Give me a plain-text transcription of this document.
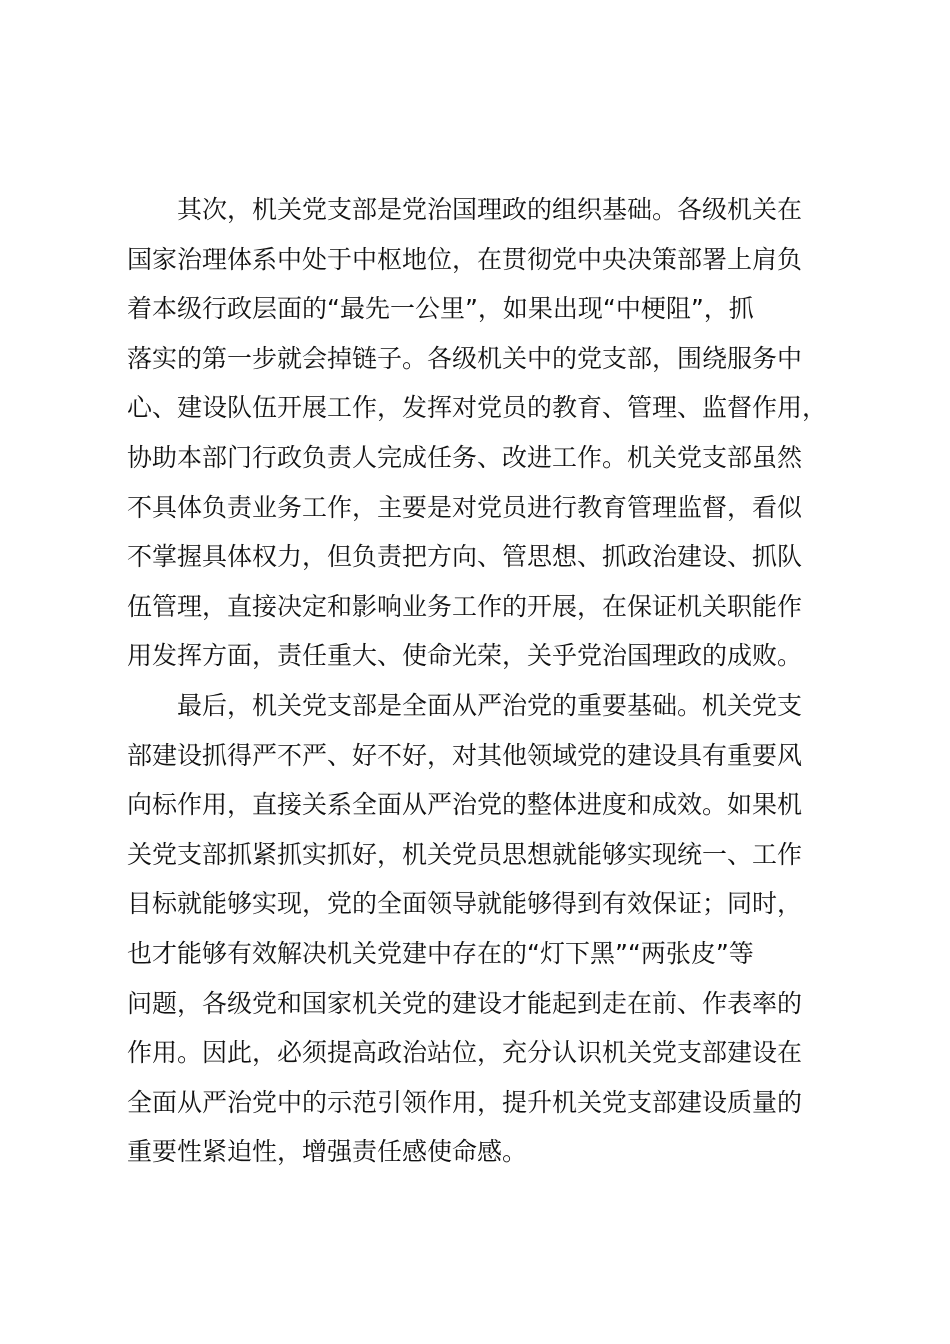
其次，机关党支部是党治国理政的组织基础。各级机关在
国家治理体系中处于中枢地位，在贯彻党中央决策部署上肩负
着本级行政层面的“最先一公里”，如果出现“中梗阻”，抓
落实的第一步就会掉链子。各级机关中的党支部，围绕服务中
心、建设队伍开展工作，发挥对党员的教育、管理、监督作用，
协助本部门行政负责人完成任务、改进工作。机关党支部虽然
不具体负责业务工作，主要是对党员进行教育管理监督，看似
不掌握具体权力，但负责把方向、管思想、抓政治建设、抓队
伍管理，直接决定和影响业务工作的开展，在保证机关职能作
用发挥方面，责任重大、使命光荣，关乎党治国理政的成败。

最后，机关党支部是全面从严治党的重要基础。机关党支
部建设抓得严不严、好不好，对其他领域党的建设具有重要风
向标作用，直接关系全面从严治党的整体进度和成效。如果机
关党支部抓紧抓实抓好，机关党员思想就能够实现统一、工作
目标就能够实现，党的全面领导就能够得到有效保证；同时，
也才能够有效解决机关党建中存在的“灯下黑”“两张皮”等
问题，各级党和国家机关党的建设才能起到走在前、作表率的
作用。因此，必须提高政治站位，充分认识机关党支部建设在
全面从严治党中的示范引领作用，提升机关党支部建设质量的
重要性紧迫性，增强责任感使命感。
